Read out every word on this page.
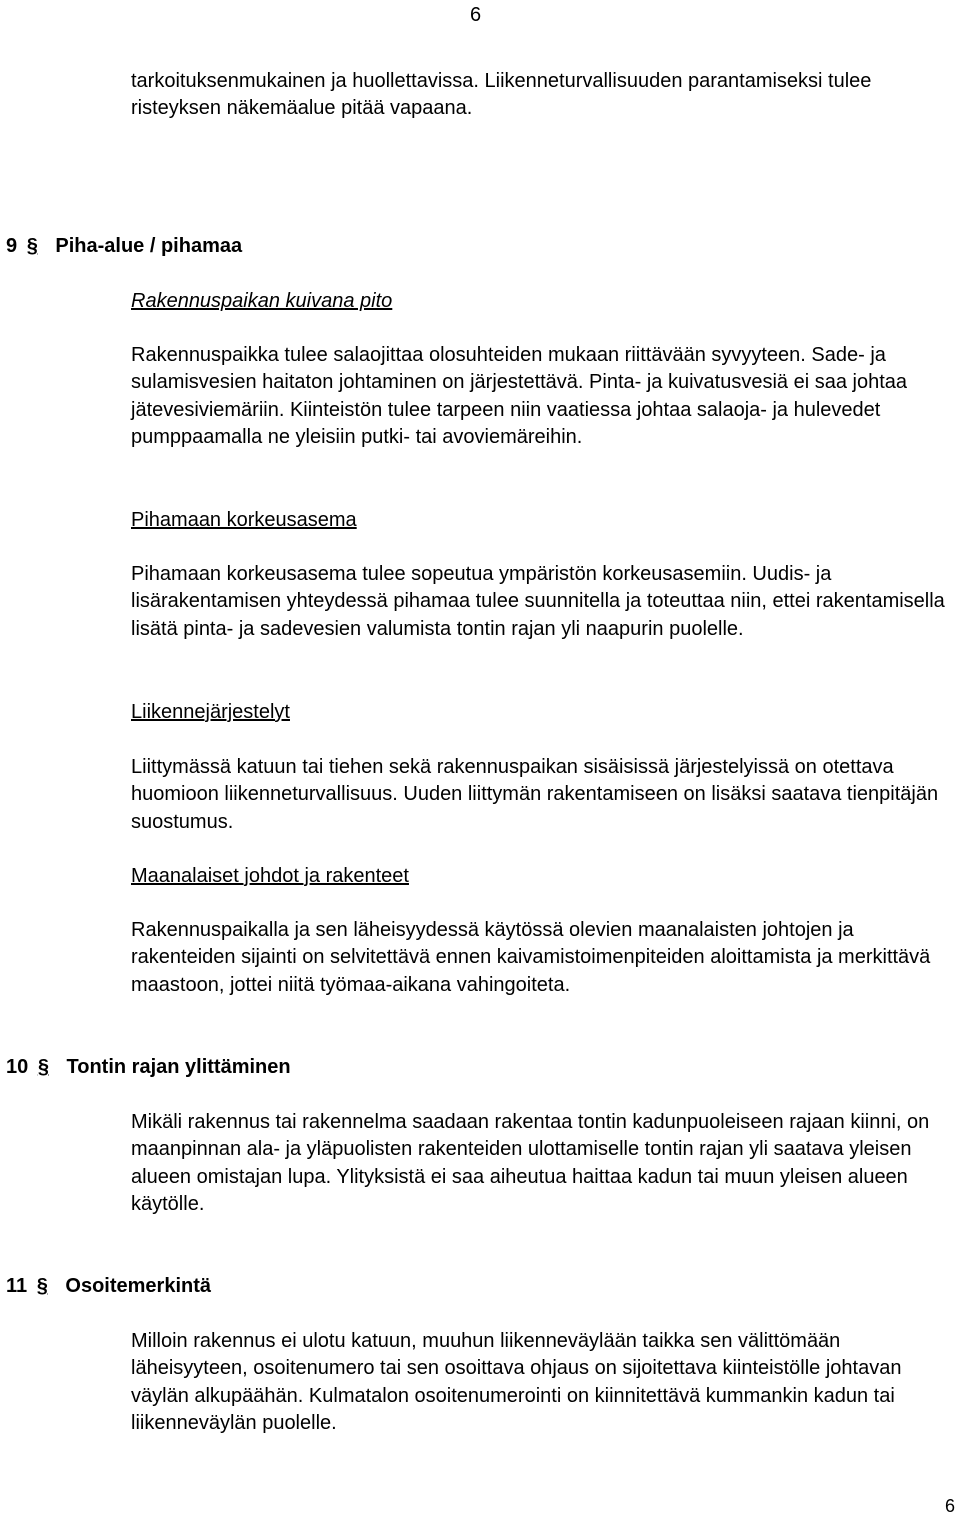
6

tarkoituksenmukainen ja huollettavissa. Liikenneturvallisuuden parantamiseksi tulee risteyksen näkemäalue pitää vapaana.

9 § Piha-alue / pihamaa
Rakennuspaikan kuivana pito

Rakennuspaikka tulee salaojittaa olosuhteiden mukaan riittävään syvyyteen. Sade- ja sulamisvesien haitaton johtaminen on järjestettävä. Pinta- ja kuivatusvesiä ei saa johtaa jätevesiviemäriin. Kiinteistön tulee tarpeen niin vaatiessa johtaa salaoja- ja hulevedet pumppaamalla ne yleisiin putki- tai avoviemäreihin.

Pihamaan korkeusasema

Pihamaan korkeusasema tulee sopeutua ympäristön korkeusasemiin. Uudis- ja lisärakentamisen yhteydessä pihamaa tulee suunnitella ja toteuttaa niin, ettei rakentamisella lisätä pinta- ja sadevesien valumista tontin rajan yli naapurin puolelle.

Liikennejärjestelyt

Liittymässä katuun tai tiehen sekä rakennuspaikan sisäisissä järjestelyissä on otettava huomioon liikenneturvallisuus. Uuden liittymän rakentamiseen on lisäksi saatava tienpitäjän suostumus.

Maanalaiset johdot ja rakenteet

Rakennuspaikalla ja sen läheisyydessä käytössä olevien maanalaisten johtojen ja rakenteiden sijainti on selvitettävä ennen kaivamistoimenpiteiden aloittamista ja merkittävä maastoon, jottei niitä työmaa-aikana vahingoiteta.

10 § Tontin rajan ylittäminen

Mikäli rakennus tai rakennelma saadaan rakentaa tontin kadunpuoleiseen rajaan kiinni, on maanpinnan ala- ja yläpuolisten rakenteiden ulottamiselle tontin rajan yli saatava yleisen alueen omistajan lupa. Ylityksistä ei saa aiheutua haittaa kadun tai muun yleisen alueen käytölle.

11 § Osoitemerkintä

Milloin rakennus ei ulotu katuun, muuhun liikenneväylään taikka sen välittömään läheisyyteen, osoitenumero tai sen osoittava ohjaus on sijoitettava kiinteistölle johtavan väylän alkupäähän. Kulmatalon osoitenumerointi on kiinnitettävä kummankin kadun tai liikenneväylän puolelle.

6
